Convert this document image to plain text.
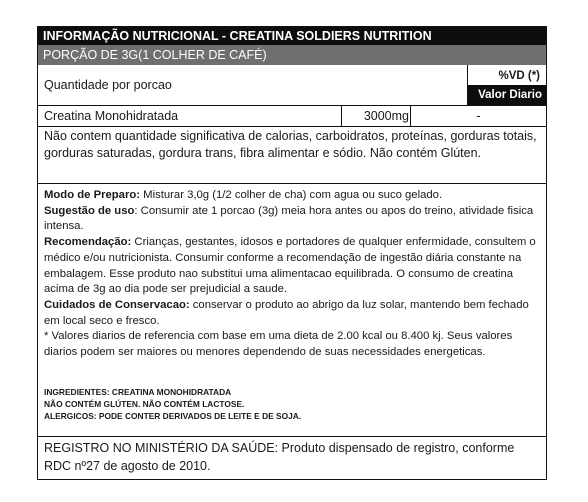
INFORMAÇÃO NUTRICIONAL - CREATINA SOLDIERS NUTRITION
PORÇÃO DE 3G(1 COLHER DE CAFÉ)
Quantidade por porcao
%VD (*)
Valor Diario
Creatina Monohidratada	3000mg	-
Não contem quantidade significativa de calorias, carboidratos, proteínas, gorduras totais, gorduras saturadas, gordura trans, fibra alimentar e sódio. Não contém Glúten.

Modo de Preparo: Misturar 3,0g (1/2 colher de cha) com agua ou suco gelado.

Sugestão de uso: Consumir ate 1 porcao (3g) meia hora antes ou apos do treino, atividade fisica intensa.

Recomendação: Crianças, gestantes, idosos e portadores de qualquer enfermidade, consultem o médico e/ou nutricionista. Consumir conforme a recomendação de ingestão diária constante na embalagem. Esse produto nao substitui uma alimentacao equilibrada. O consumo de creatina acima de 3g ao dia pode ser prejudicial a saude.

Cuidados de Conservacao: conservar o produto ao abrigo da luz solar, mantendo bem fechado em local seco e fresco.

* Valores diarios de referencia com base em uma dieta de 2.00 kcal ou 8.400 kj. Seus valores diarios podem ser maiores ou menores dependendo de suas necessidades energeticas.

INGREDIENTES: CREATINA MONOHIDRATADA

NÃO CONTÉM GLÚTEN. NÃO CONTÉM LACTOSE.

ALERGICOS: PODE CONTER DERIVADOS DE LEITE E DE SOJA.

REGISTRO NO MINISTÉRIO DA SAÚDE: Produto dispensado de registro, conforme RDC nº27 de agosto de 2010.
